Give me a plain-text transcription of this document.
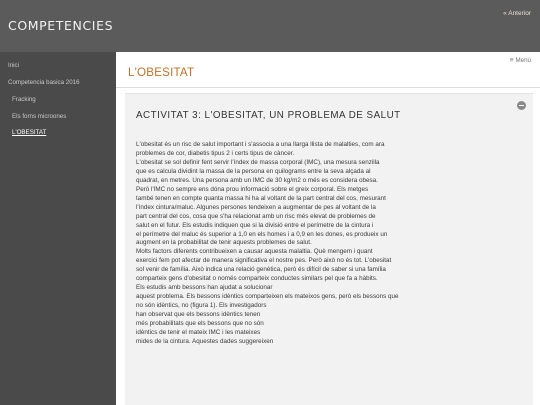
COMPETENCIES
« Anterior
Inici
Competencia basica 2016
Fracking
Els forns microones
L'OBESITAT
≡ Menú
L'OBESITAT
ACTIVITAT 3: L'OBESITAT, UN PROBLEMA DE SALUT
L'obesitat és un risc de salut important i s'associa a una llarga llista de malalties, com ara
problemes de cor, diabetis tipus 2 i certs tipus de càncer.
L'obesitat se sol definir fent servir l'índex de massa corporal (IMC), una mesura senzilla
que es calcula dividint la massa de la persona en quilograms entre la seva alçada al
quadrat, en metres. Una persona amb un IMC de 30 kg/m2 o més es considera obesa.
Però l'IMC no sempre ens dóna prou informació sobre el greix corporal. Els metges
també tenen en compte quanta massa hi ha al voltant de la part central del cos, mesurant
l'índex cintura/maluc. Algunes persones tendeixen a augmentar de pes al voltant de la
part central del cos, cosa que s'ha relacionat amb un risc més elevat de problemes de
salut en el futur. Els estudis indiquen que si la divisió entre el perímetre de la cintura i
el perímetre del maluc és superior a 1,0 en els homes i a 0,9 en les dones, es produeix un
augment en la probabilitat de tenir aquests problemes de salut.
Molts factors diferents contribueixen a causar aquesta malaltia. Què mengem i quant
exercici fem pot afectar de manera significativa el nostre pes. Però això no és tot. L'obesitat
sol venir de família. Això indica una relació genètica, però és difícil de saber si una família
comparteix gens d'obesitat o només comparteix conductes similars pel que fa a hàbits.
Els estudis amb bessons han ajudat a solucionar
aquest problema. Els bessons idèntics comparteixen els mateixos gens, però els bessons que
no són idèntics, no (figura 1). Els investigadors
han observat que els bessons idèntics tenen
més probabilitats que els bessons que no són
idèntics de tenir el mateix IMC i les mateixes
mides de la cintura. Aquestes dades suggereixen
